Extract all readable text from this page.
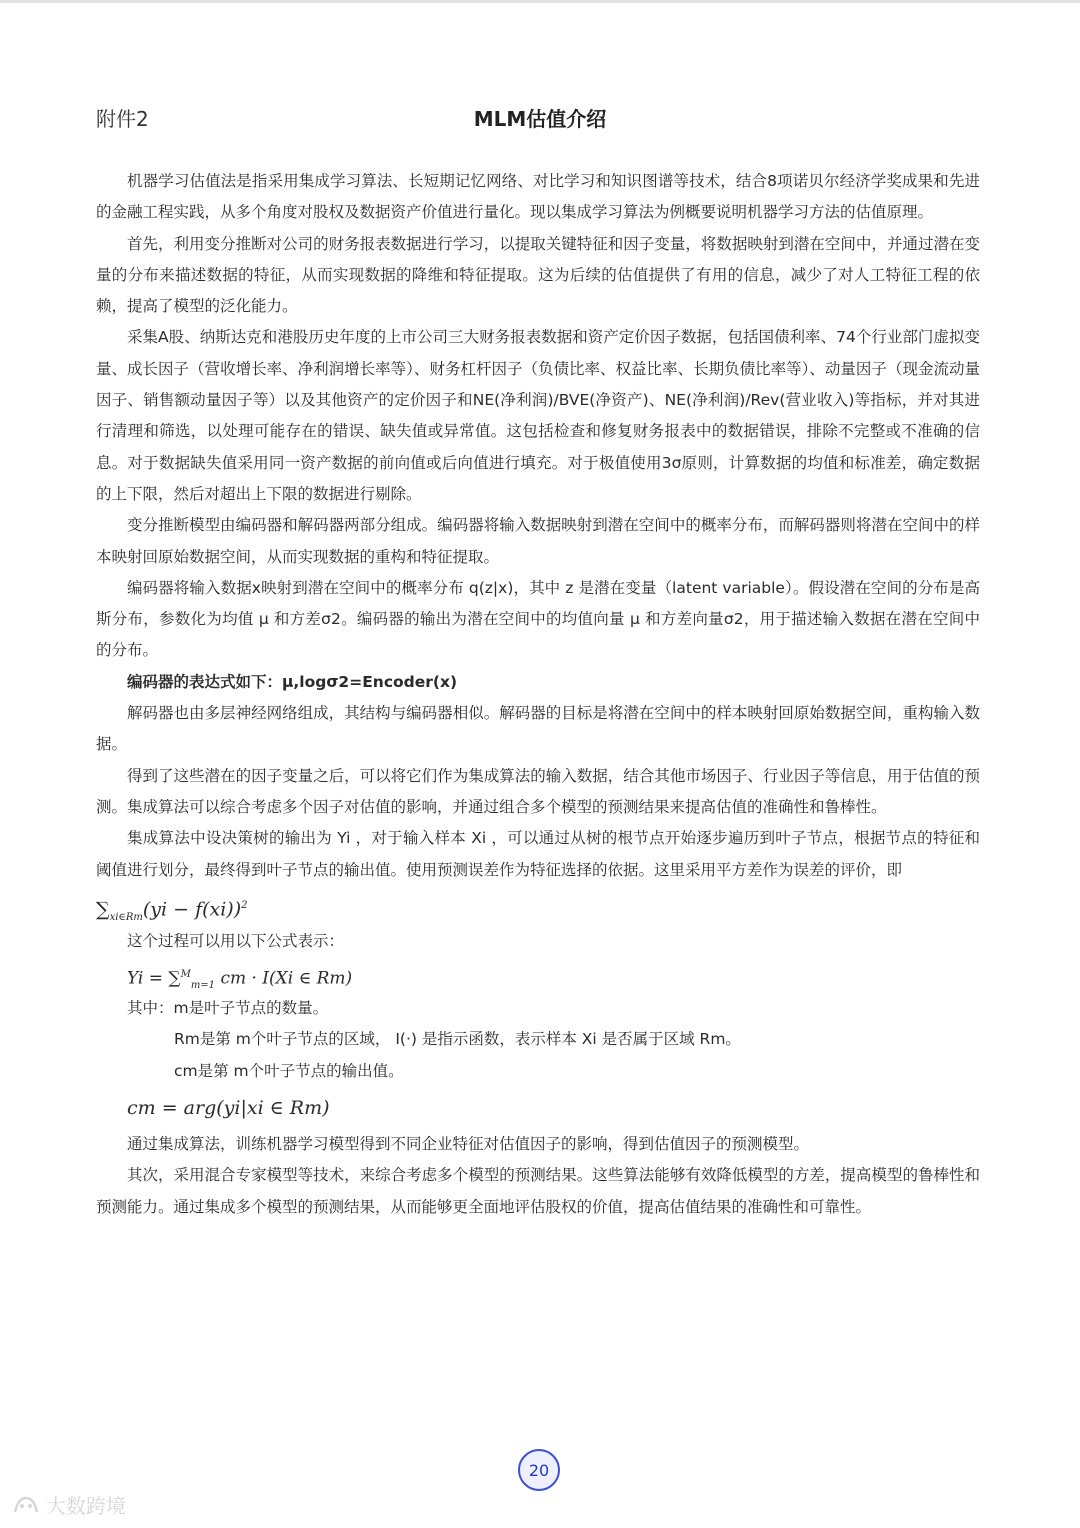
附件2	MLM估值介绍

机器学习估值法是指采用集成学习算法、长短期记忆网络、对比学习和知识图谱等技术，结合8项诺贝尔经济学奖成果和先进的金融工程实践，从多个角度对股权及数据资产价值进行量化。现以集成学习算法为例概要说明机器学习方法的估值原理。

首先，利用变分推断对公司的财务报表数据进行学习，以提取关键特征和因子变量，将数据映射到潜在空间中，并通过潜在变量的分布来描述数据的特征，从而实现数据的降维和特征提取。这为后续的估值提供了有用的信息，减少了对人工特征工程的依赖，提高了模型的泛化能力。

采集A股、纳斯达克和港股历史年度的上市公司三大财务报表数据和资产定价因子数据，包括国债利率、74个行业部门虚拟变量、成长因子（营收增长率、净利润增长率等）、财务杠杆因子（负债比率、权益比率、长期负债比率等）、动量因子（现金流动量因子、销售额动量因子等）以及其他资产的定价因子和NE(净利润)/BVE(净资产)、NE(净利润)/Rev(营业收入)等指标，并对其进行清理和筛选，以处理可能存在的错误、缺失值或异常值。这包括检查和修复财务报表中的数据错误，排除不完整或不准确的信息。对于数据缺失值采用同一资产数据的前向值或后向值进行填充。对于极值使用3σ原则，计算数据的均值和标准差，确定数据的上下限，然后对超出上下限的数据进行剔除。

变分推断模型由编码器和解码器两部分组成。编码器将输入数据映射到潜在空间中的概率分布，而解码器则将潜在空间中的样本映射回原始数据空间，从而实现数据的重构和特征提取。

编码器将输入数据x映射到潜在空间中的概率分布 q(z|x)，其中 z 是潜在变量（latent variable）。假设潜在空间的分布是高斯分布，参数化为均值 μ 和方差σ2。编码器的输出为潜在空间中的均值向量 μ 和方差向量σ2，用于描述输入数据在潜在空间中的分布。

编码器的表达式如下：μ,logσ2=Encoder(x)

解码器也由多层神经网络组成，其结构与编码器相似。解码器的目标是将潜在空间中的样本映射回原始数据空间，重构输入数据。

得到了这些潜在的因子变量之后，可以将它们作为集成算法的输入数据，结合其他市场因子、行业因子等信息，用于估值的预测。集成算法可以综合考虑多个因子对估值的影响，并通过组合多个模型的预测结果来提高估值的准确性和鲁棒性。

集成算法中设决策树的输出为 Yi ，对于输入样本 Xi ，可以通过从树的根节点开始逐步遍历到叶子节点，根据节点的特征和阈值进行划分，最终得到叶子节点的输出值。使用预测误差作为特征选择的依据。这里采用平方差作为误差的评价，即

$\sum_{xi\in Rm}(yi - f(xi))^2$

这个过程可以用以下公式表示：

Yi = ∑$^M_{m=1}$ cm · I(Xi ∈ Rm)

其中：m是叶子节点的数量。

Rm是第 m个叶子节点的区域， I(·) 是指示函数，表示样本 Xi 是否属于区域 Rm。

cm是第 m个叶子节点的输出值。

cm = arg(yi|xi ∈ Rm)

通过集成算法，训练机器学习模型得到不同企业特征对估值因子的影响，得到估值因子的预测模型。

其次，采用混合专家模型等技术，来综合考虑多个模型的预测结果。这些算法能够有效降低模型的方差，提高模型的鲁棒性和预测能力。通过集成多个模型的预测结果，从而能够更全面地评估股权的价值，提高估值结果的准确性和可靠性。

20
大数跨境
